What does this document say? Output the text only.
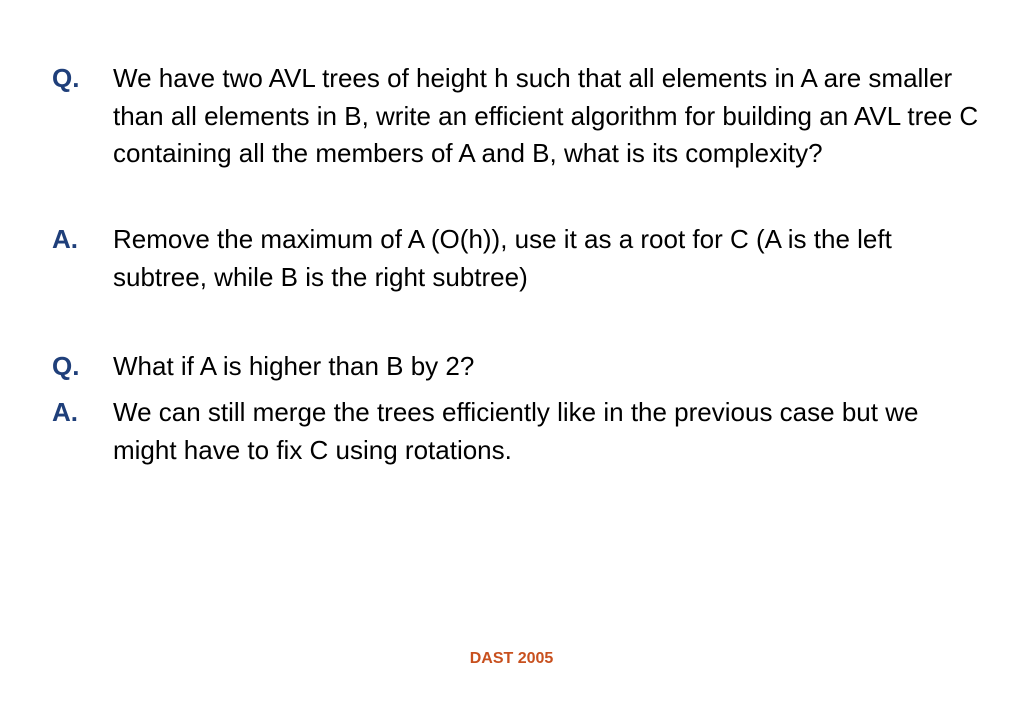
Q. We have two AVL trees of height h such that all elements in A are smaller than all elements in B, write an efficient algorithm for building an AVL tree C containing all the members of A and B, what is its complexity?
A. Remove the maximum of A (O(h)), use it as a root for C (A is the left subtree, while B is the right subtree)
Q. What if A is higher than B by 2?
A. We can still merge the trees efficiently like in the previous case but we might have to fix C using rotations.
DAST 2005
